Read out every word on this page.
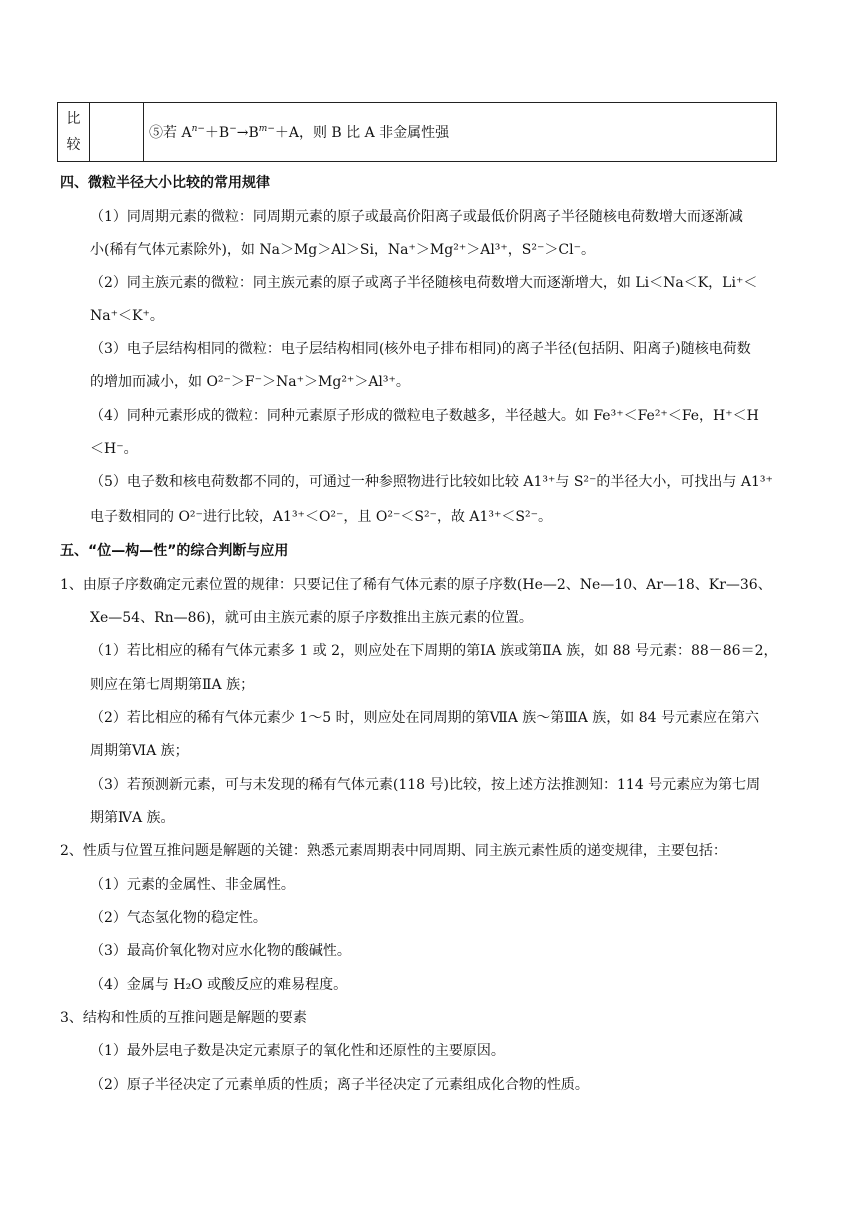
比
较
		⑤若 $A^{n-}+B^-\to B^{m-}+A$，则 B 比 A 非金属性强
四、微粒半径大小比较的常用规律
（1）同周期元素的微粒：同周期元素的原子或最高价阳离子或最低价阴离子半径随核电荷数增大而逐渐减
小(稀有气体元素除外)，如 Na＞Mg＞Al＞Si，Na⁺＞Mg²⁺＞Al³⁺，S²⁻＞Cl⁻。
（2）同主族元素的微粒：同主族元素的原子或离子半径随核电荷数增大而逐渐增大，如 Li＜Na＜K，Li⁺＜
Na⁺＜K⁺。
（3）电子层结构相同的微粒：电子层结构相同(核外电子排布相同)的离子半径(包括阴、阳离子)随核电荷数
的增加而减小，如 O²⁻＞F⁻＞Na⁺＞Mg²⁺＞Al³⁺。
（4）同种元素形成的微粒：同种元素原子形成的微粒电子数越多，半径越大。如 Fe³⁺＜Fe²⁺＜Fe，H⁺＜H
＜H⁻。
（5）电子数和核电荷数都不同的，可通过一种参照物进行比较如比较 A1³⁺与 S²⁻的半径大小，可找出与 A1³⁺
电子数相同的 O²⁻进行比较，A1³⁺＜O²⁻，且 O²⁻＜S²⁻，故 A1³⁺＜S²⁻。
五、“位—构—性”的综合判断与应用
1、由原子序数确定元素位置的规律：只要记住了稀有气体元素的原子序数(He—2、Ne—10、Ar—18、Kr—36、
Xe—54、Rn—86)，就可由主族元素的原子序数推出主族元素的位置。
（1）若比相应的稀有气体元素多 1 或 2，则应处在下周期的第ⅠA 族或第ⅡA 族，如 88 号元素：88－86＝2，
则应在第七周期第ⅡA 族；
（2）若比相应的稀有气体元素少 1～5 时，则应处在同周期的第ⅦA 族～第ⅢA 族，如 84 号元素应在第六
周期第ⅥA 族；
（3）若预测新元素，可与未发现的稀有气体元素(118 号)比较，按上述方法推测知：114 号元素应为第七周
期第ⅣA 族。
2、性质与位置互推问题是解题的关键：熟悉元素周期表中同周期、同主族元素性质的递变规律，主要包括：
（1）元素的金属性、非金属性。
（2）气态氢化物的稳定性。
（3）最高价氧化物对应水化物的酸碱性。
（4）金属与 H₂O 或酸反应的难易程度。
3、结构和性质的互推问题是解题的要素
（1）最外层电子数是决定元素原子的氧化性和还原性的主要原因。
（2）原子半径决定了元素单质的性质；离子半径决定了元素组成化合物的性质。
